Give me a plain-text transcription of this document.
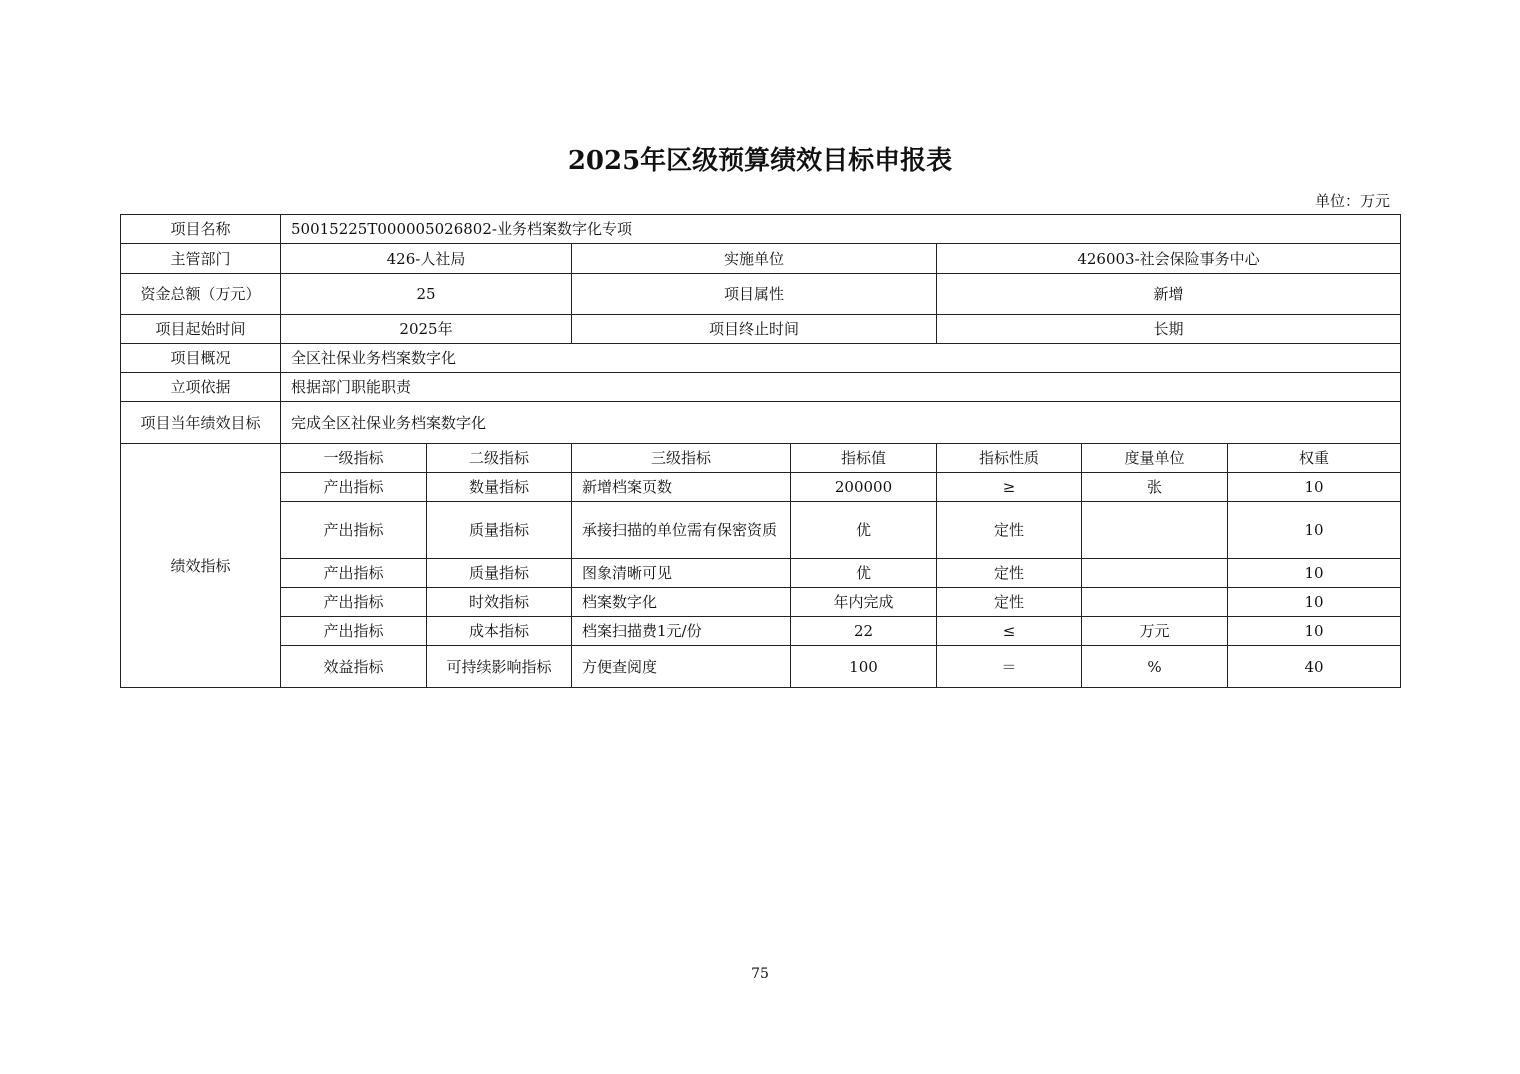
2025年区级预算绩效目标申报表
单位：万元
项目名称	50015225T000005026802-业务档案数字化专项						
主管部门	426-人社局		实施单位		426003-社会保险事务中心		
资金总额（万元）	25		项目属性		新增		
项目起始时间	2025年		项目终止时间		长期		
项目概况	全区社保业务档案数字化						
立项依据	根据部门职能职责						
项目当年绩效目标	完成全区社保业务档案数字化						
绩效指标	一级指标	二级指标	三级指标	指标值	指标性质	度量单位	权重
	产出指标	数量指标	新增档案页数	200000	≥	张	10
	产出指标	质量指标	承接扫描的单位需有保密资质	优	定性		10
	产出指标	质量指标	图象清晰可见	优	定性		10
	产出指标	时效指标	档案数字化	年内完成	定性		10
	产出指标	成本指标	档案扫描费1元/份	22	≤	万元	10
	效益指标	可持续影响指标	方便查阅度	100	＝	%	40
75
